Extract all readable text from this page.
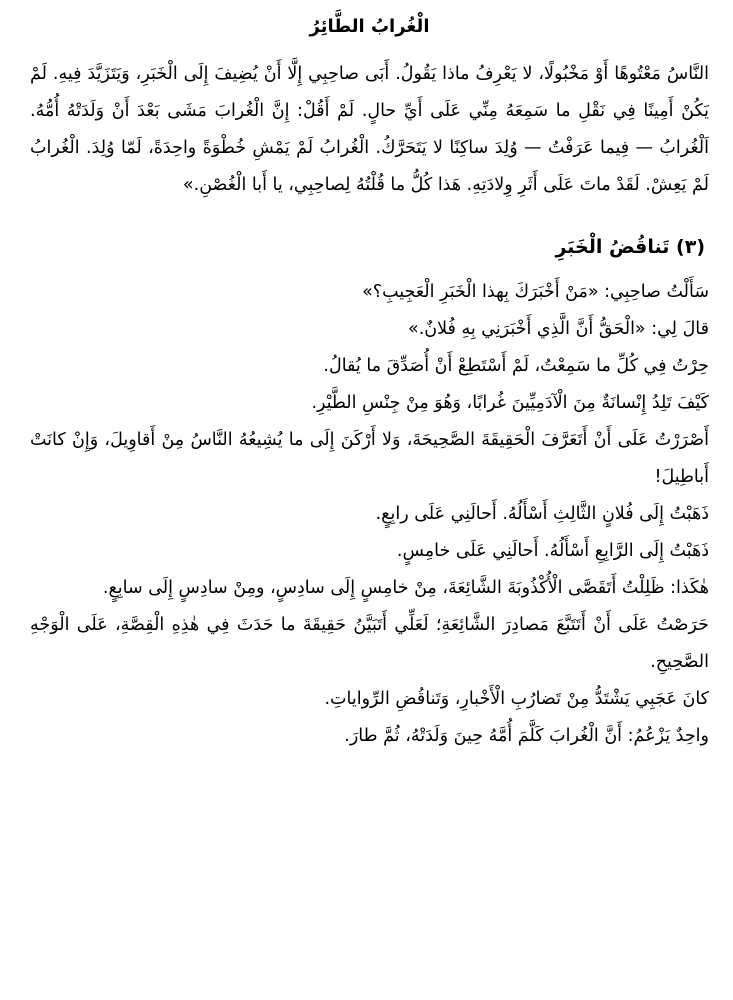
الْغُرابُ الطَّائِرُ

النَّاسُ مَعْتُوهًا أَوْ مَخْبُولًا، لا يَعْرِفُ ماذا يَقُولُ. أَبَى صاحِبِي إِلَّا أَنْ يُضِيفَ إِلَى الْخَبَرِ، وَيَتَزَيَّدَ فِيهِ. لَمْ يَكُنْ أَمِينًا فِي نَقْلِ ما سَمِعَهُ مِنِّي عَلَى أَيِّ حالٍ. لَمْ أَقُلْ: إِنَّ الْغُرابَ مَشَى بَعْدَ أَنْ وَلَدَتْهُ أُمُّهُ. اَلْغُرابُ — فِيما عَرَفْتُ — وُلِدَ ساكِنًا لا يَتَحَرَّكُ. الْغُرابُ لَمْ يَمْشِ خُطْوَةً واحِدَةً، لَمّا وُلِدَ. الْغُرابُ لَمْ يَعِشْ. لَقَدْ ماتَ عَلَى أَثَرِ وِلادَتِهِ. هَذا كُلُّ ما قُلْتُهُ لِصاحِبِي، يا أَبا الْغُصْنِ.»

(٣) تَناقُضُ الْخَبَرِ

سَأَلْتُ صاحِبِي: «مَنْ أَخْبَرَكَ بِهذا الْخَبَرِ الْعَجِيبِ؟»

قالَ لِي: «الْحَقُّ أَنَّ الَّذِي أَخْبَرَنِي بِهِ فُلانٌ.»

حِرْتُ فِي كُلِّ ما سَمِعْتُ، لَمْ أَسْتَطِعْ أَنْ أُصَدِّقَ ما يُقالُ.

كَيْفَ تَلِدُ إِنْسانَةٌ مِنَ الْآدَمِيِّينَ غُرابًا، وَهُوَ مِنْ جِنْسِ الطَّيْرِ.

أَصْرَرْتُ عَلَى أَنْ أَتَعَرَّفَ الْحَقِيقَةَ الصَّحِيحَةَ، وَلا أَرْكَنَ إِلَى ما يُشِيعُهُ النَّاسُ مِنْ أَقاوِيلَ، وَإِنْ كانَتْ أَباطِيلَ!

ذَهَبْتُ إِلَى فُلانٍ الثَّالِثِ أَسْأَلُهُ. أَحالَنِي عَلَى رابِعٍ.

ذَهَبْتُ إِلَى الرَّابِعِ أَسْأَلُهُ. أَحالَنِي عَلَى خامِسٍ.

هٰكَذا: ظَلِلْتُ أَتَقَصَّى الْأُكْذُوبَةَ الشَّائِعَةَ، مِنْ خامِسٍ إِلَى سادِسٍ، ومِنْ سادِسٍ إِلَى سابِعٍ.

حَرَصْتُ عَلَى أَنْ أَتَتَبَّعَ مَصادِرَ الشَّائِعَةِ؛ لَعَلِّي أَتَبَيَّنُ حَقِيقَةَ ما حَدَثَ فِي هٰذِهِ الْقِصَّةِ، عَلَى الْوَجْهِ الصَّحِيحِ.

كانَ عَجَبِي يَشْتَدُّ مِنْ تَضارُبِ الْأَخْبارِ، وَتَناقُضِ الرِّواياتِ.

واحِدٌ يَزْعُمُ: أَنَّ الْغُرابَ كَلَّمَ أُمَّهُ حِينَ وَلَدَتْهُ، ثُمَّ طارَ.
